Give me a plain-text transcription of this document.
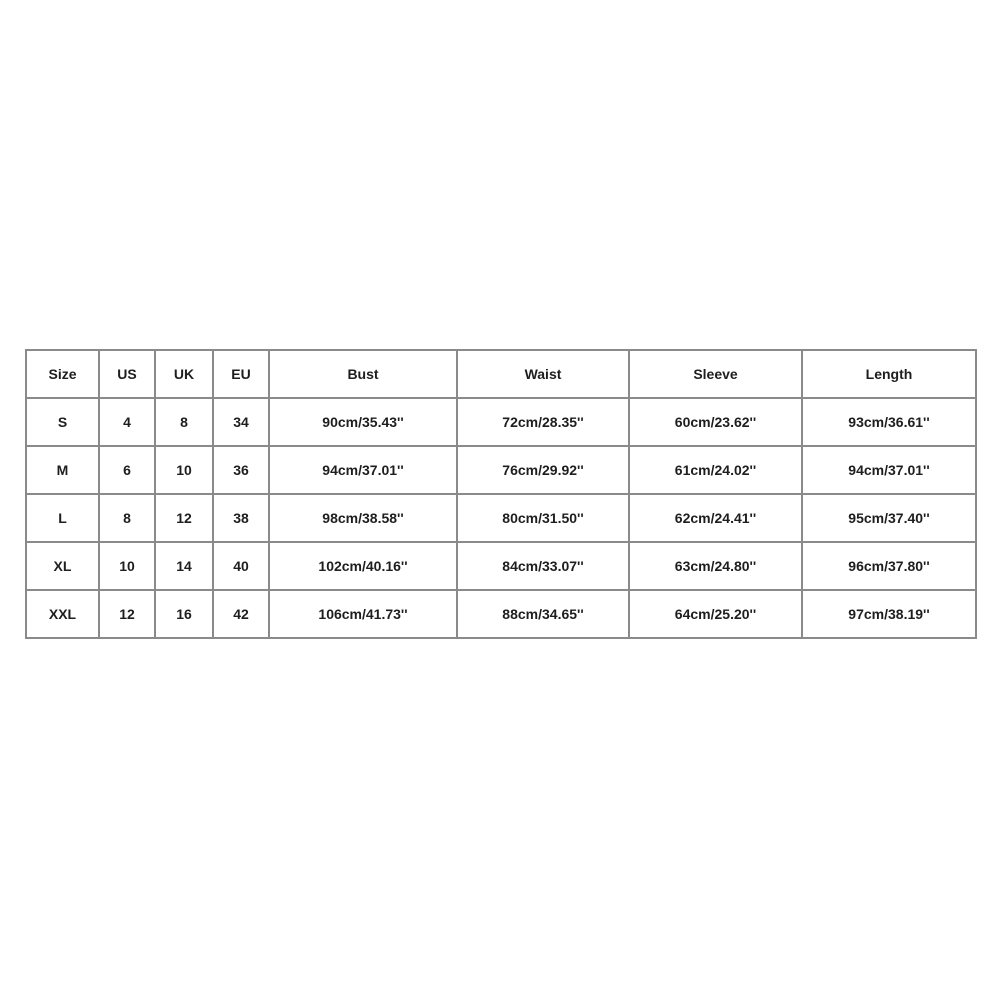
Size	US	UK	EU	Bust	Waist	Sleeve	Length
S	4	8	34	90cm/35.43''	72cm/28.35''	60cm/23.62''	93cm/36.61''
M	6	10	36	94cm/37.01''	76cm/29.92''	61cm/24.02''	94cm/37.01''
L	8	12	38	98cm/38.58''	80cm/31.50''	62cm/24.41''	95cm/37.40''
XL	10	14	40	102cm/40.16''	84cm/33.07''	63cm/24.80''	96cm/37.80''
XXL	12	16	42	106cm/41.73''	88cm/34.65''	64cm/25.20''	97cm/38.19''
